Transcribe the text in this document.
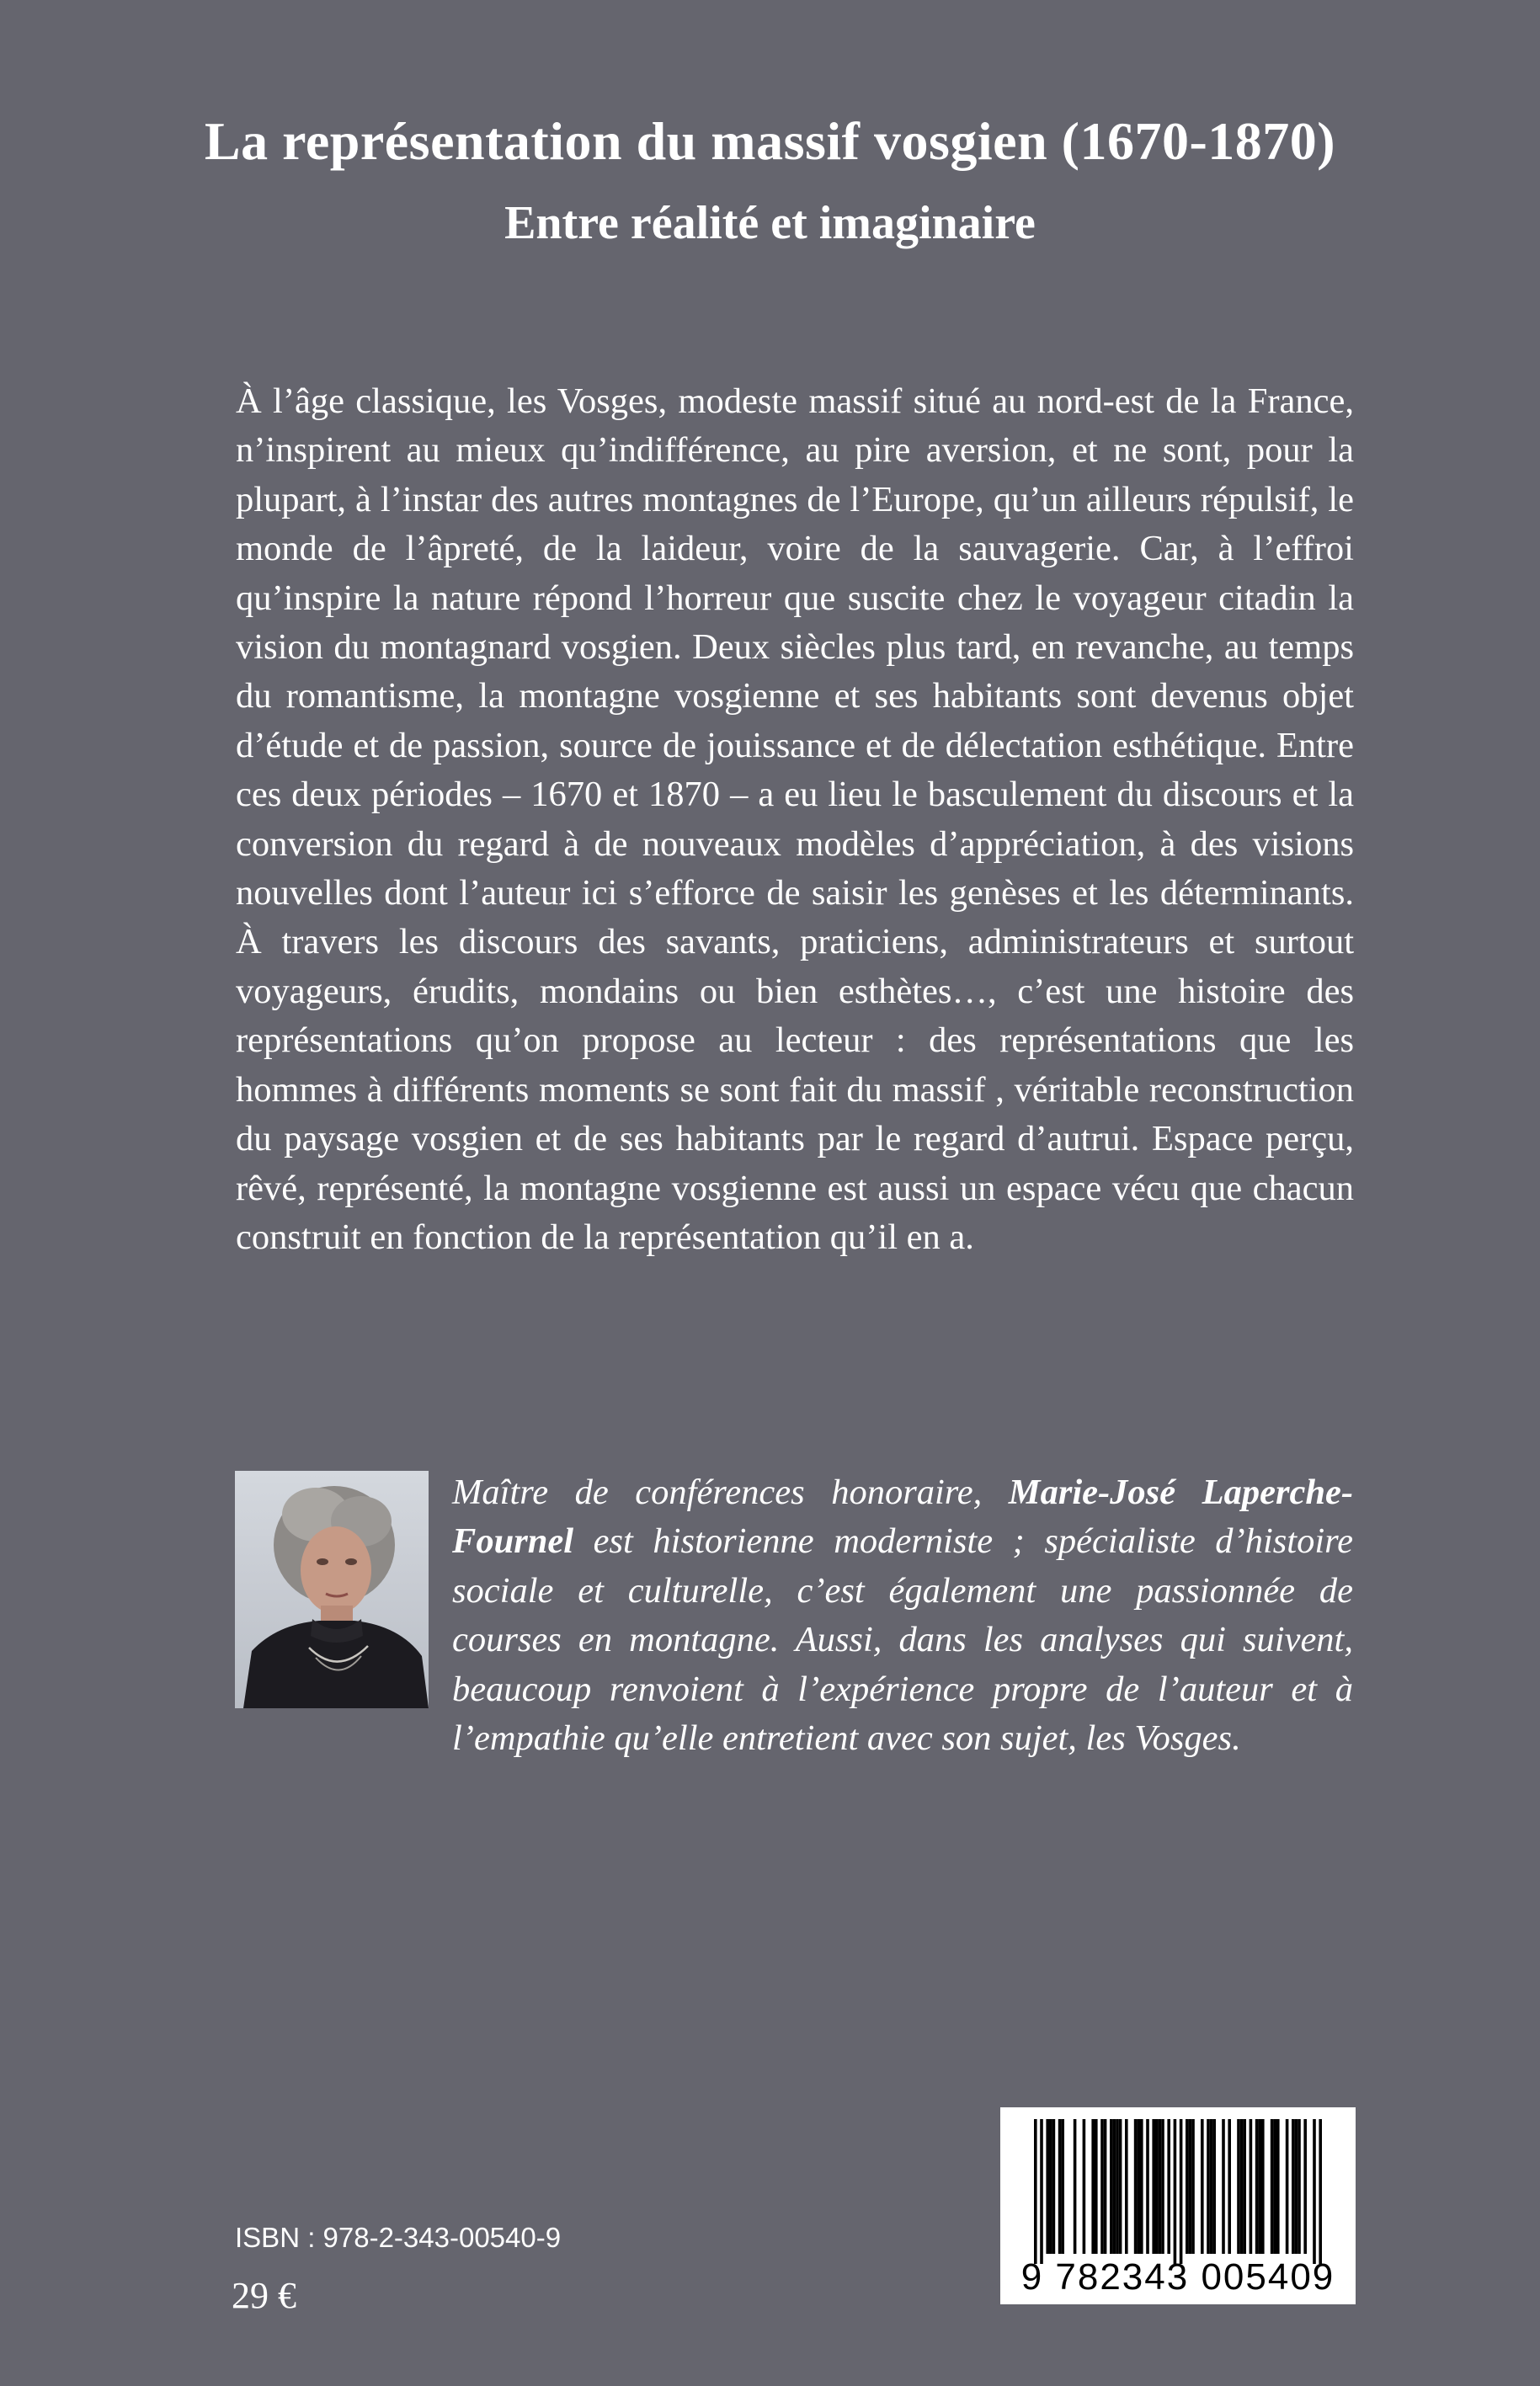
La représentation du massif vosgien (1670-1870)
Entre réalité et imaginaire

À l’âge classique, les Vosges, modeste massif situé au nord-est de la France, n’inspirent au mieux qu’indifférence, au pire aversion, et ne sont, pour la plupart, à l’instar des autres montagnes de l’Europe, qu’un ailleurs répulsif, le monde de l’âpreté, de la laideur, voire de la sauvagerie. Car, à l’effroi qu’inspire la nature répond l’horreur que suscite chez le voyageur citadin la vision du montagnard vosgien. Deux siècles plus tard, en revanche, au temps du romantisme, la montagne vosgienne et ses habitants sont devenus objet d’étude et de passion, source de jouissance et de délectation esthétique. Entre ces deux périodes – 1670 et 1870 – a eu lieu le basculement du discours et la conversion du regard à de nouveaux modèles d’appréciation, à des visions nouvelles dont l’auteur ici s’efforce de saisir les genèses et les déterminants. À travers les discours des savants, praticiens, administrateurs et surtout voyageurs, érudits, mondains ou bien esthètes…, c’est une histoire des représentations qu’on propose au lecteur : des représentations que les hommes à différents moments se sont fait du massif , véritable reconstruction du paysage vosgien et de ses habitants par le regard d’autrui. Espace perçu, rêvé, représenté, la montagne vosgienne est aussi un espace vécu que chacun construit en fonction de la représentation qu’il en a.

Maître de conférences honoraire, Marie-José Laperche-Fournel est historienne moderniste ; spécialiste d’histoire sociale et culturelle, c’est également une passionnée de courses en montagne. Aussi, dans les analyses qui suivent, beaucoup renvoient à l’expérience propre de l’auteur et à l’empathie qu’elle entretient avec son sujet, les Vosges.

ISBN : 978-2-343-00540-9
29 €	9 782343 005409
